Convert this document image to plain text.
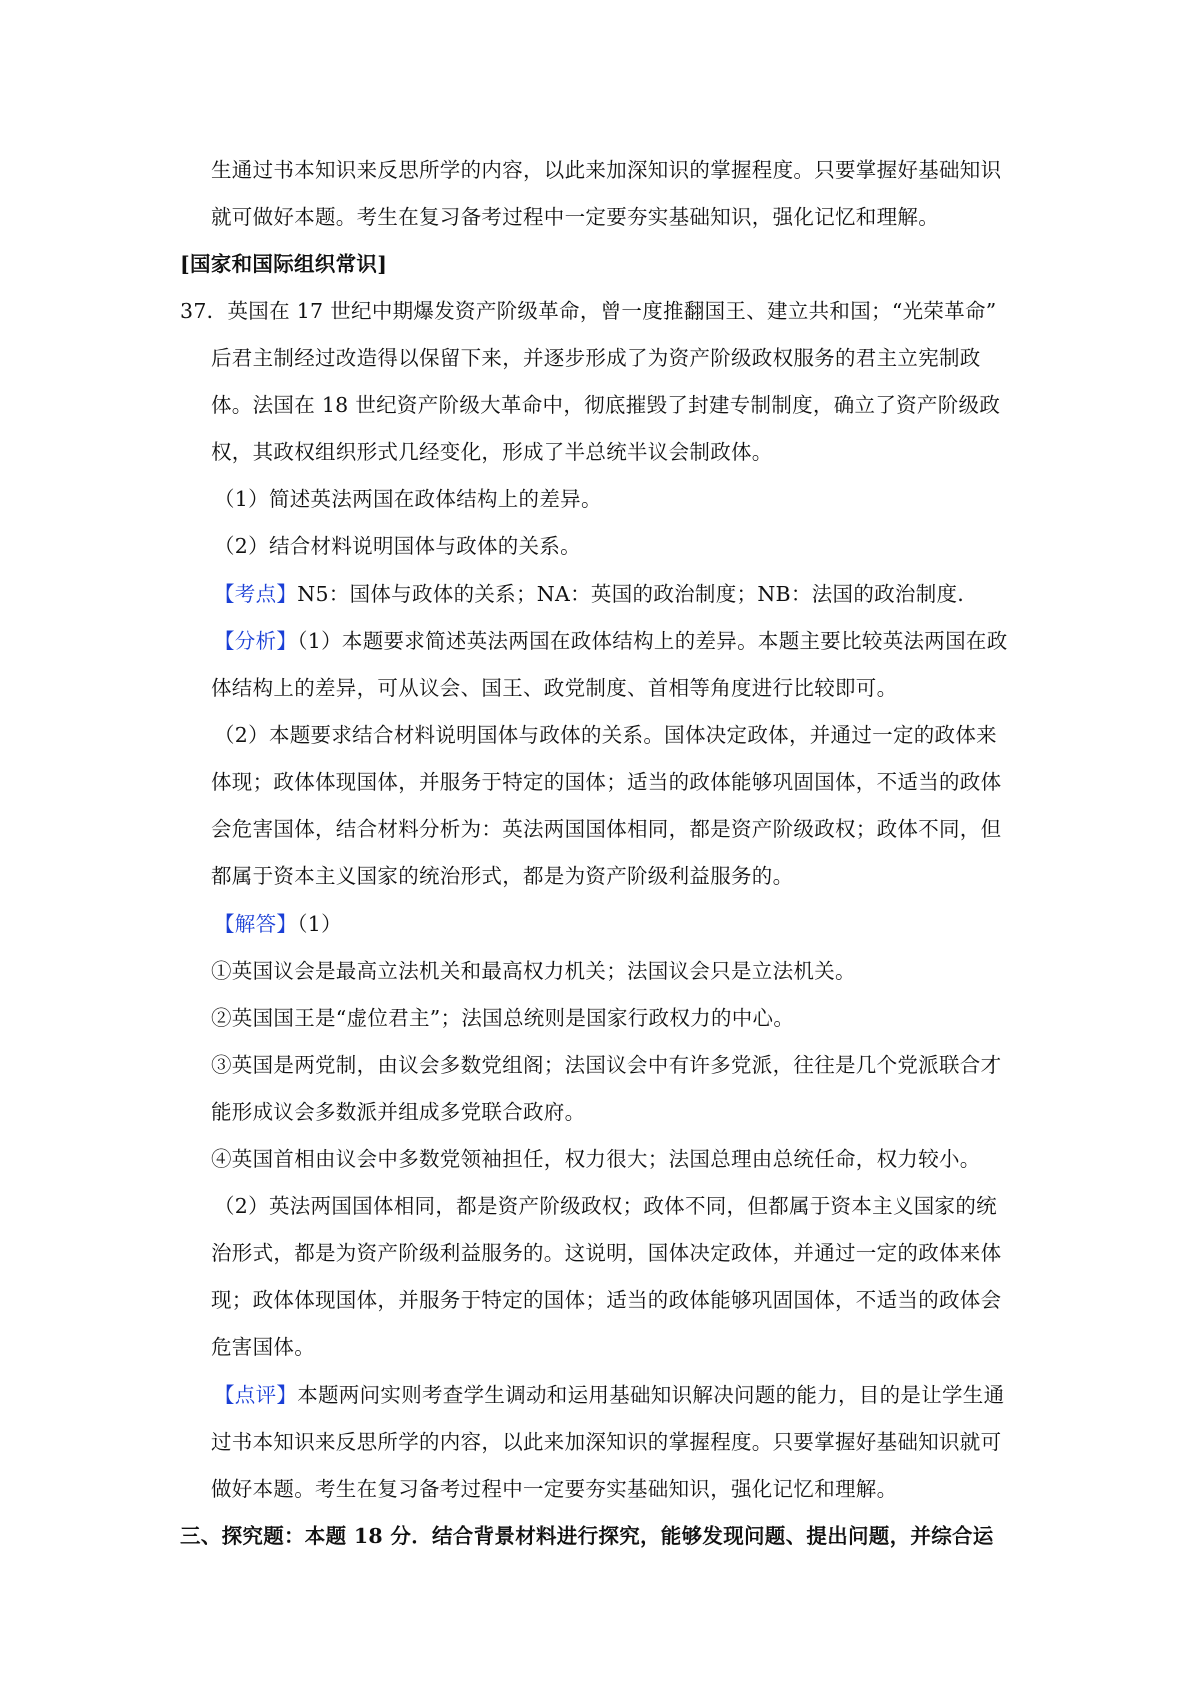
生通过书本知识来反思所学的内容，以此来加深知识的掌握程度。只要掌握好基础知识
就可做好本题。考生在复习备考过程中一定要夯实基础知识，强化记忆和理解。
[国家和国际组织常识]
37．英国在 17 世纪中期爆发资产阶级革命，曾一度推翻国王、建立共和国；“光荣革命”
后君主制经过改造得以保留下来，并逐步形成了为资产阶级政权服务的君主立宪制政
体。法国在 18 世纪资产阶级大革命中，彻底摧毁了封建专制制度，确立了资产阶级政
权，其政权组织形式几经变化，形成了半总统半议会制政体。
（1）简述英法两国在政体结构上的差异。
（2）结合材料说明国体与政体的关系。
【考点】N5：国体与政体的关系；NA：英国的政治制度；NB：法国的政治制度．
【分析】（1）本题要求简述英法两国在政体结构上的差异。本题主要比较英法两国在政
体结构上的差异，可从议会、国王、政党制度、首相等角度进行比较即可。
（2）本题要求结合材料说明国体与政体的关系。国体决定政体，并通过一定的政体来
体现；政体体现国体，并服务于特定的国体；适当的政体能够巩固国体，不适当的政体
会危害国体，结合材料分析为：英法两国国体相同，都是资产阶级政权；政体不同，但
都属于资本主义国家的统治形式，都是为资产阶级利益服务的。
【解答】（1）
①英国议会是最高立法机关和最高权力机关；法国议会只是立法机关。
②英国国王是“虚位君主”；法国总统则是国家行政权力的中心。
③英国是两党制，由议会多数党组阁；法国议会中有许多党派，往往是几个党派联合才
能形成议会多数派并组成多党联合政府。
④英国首相由议会中多数党领袖担任，权力很大；法国总理由总统任命，权力较小。
（2）英法两国国体相同，都是资产阶级政权；政体不同，但都属于资本主义国家的统
治形式，都是为资产阶级利益服务的。这说明，国体决定政体，并通过一定的政体来体
现；政体体现国体，并服务于特定的国体；适当的政体能够巩固国体，不适当的政体会
危害国体。
【点评】本题两问实则考查学生调动和运用基础知识解决问题的能力，目的是让学生通
过书本知识来反思所学的内容，以此来加深知识的掌握程度。只要掌握好基础知识就可
做好本题。考生在复习备考过程中一定要夯实基础知识，强化记忆和理解。
三、探究题：本题 18 分．结合背景材料进行探究，能够发现问题、提出问题，并综合运
